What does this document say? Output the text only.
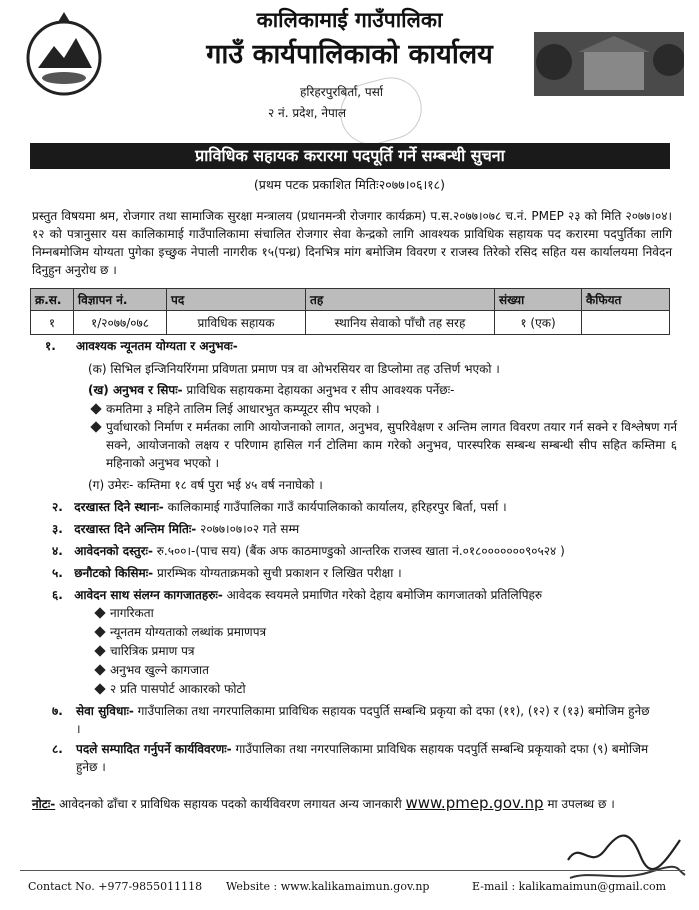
कालिकामाई गाउँपालिका
गाउँ कार्यपालिकाको कार्यालय
हरिहरपुरबिर्ता, पर्सा
२ नं. प्रदेश, नेपाल
प्राविधिक सहायक करारमा पदपूर्ति गर्ने सम्बन्धी सुचना
(प्रथम पटक प्रकाशित मितिः२०७७।०६।१८)
प्रस्तुत विषयमा श्रम, रोजगार तथा सामाजिक सुरक्षा मन्त्रालय (प्रधानमन्त्री रोजगार कार्यक्रम) प.स.२०७७।०७८ च.नं. PMEP २३ को मिति २०७७।०४।१२ को पत्रानुसार यस कालिकामाई गाउँपालिकामा संचालित रोजगार सेवा केन्द्रको लागि आवश्यक प्राविधिक सहायक पद करारमा पदपुर्तिका लागि निम्नबमोजिम योग्यता पुगेका इच्छुक नेपाली नागरीक १५(पन्ध्र) दिनभित्र मांग बमोजिम विवरण र राजस्व तिरेको रसिद सहित यस कार्यालयमा निवेदन दिनुहुन अनुरोध छ ।
क्र.स.	विज्ञापन नं.	पद	तह	संख्या	कैफियत
१	१/२०७७/०७८	प्राविधिक सहायक	स्थानिय सेवाको पाँचौ तह सरह	१ (एक)	
१. आवश्यक न्यूनतम योग्यता र अनुभवः-
(क) सिभिल इन्जिनियरिंगमा प्रविणता प्रमाण पत्र वा ओभरसियर वा डिप्लोमा तह उत्तिर्ण भएको ।
(ख) अनुभव र सिपः- प्राविधिक सहायकमा देहायका अनुभव र सीप आवश्यक पर्नेछः-
कमतिमा ३ महिने तालिम लिई आधारभुत कम्प्यूटर सीप भएको ।
पुर्वाधारको निर्माण र मर्मतका लागि आयोजनाको लागत, अनुभव, सुपरिवेक्षण र अन्तिम लागत विवरण तयार गर्न सक्ने र विश्लेषण गर्न सक्ने, आयोजनाको लक्षय र परिणाम हासिल गर्न टोलिमा काम गरेको अनुभव, पारस्परिक सम्बन्ध सम्बन्धी सीप सहित कम्तिमा ६ महिनाको अनुभव भएको ।
(ग) उमेरः- कम्तिमा १८ वर्ष पुरा भई ४५ वर्ष ननाघेको ।
२. दरखास्त दिने स्थानः- कालिकामाई गाउँपालिका गाउँ कार्यपालिकाको कार्यालय, हरिहरपुर बिर्ता, पर्सा ।
३. दरखास्त दिने अन्तिम मितिः- २०७७।०७।०२ गते सम्म
४. आवेदनको दस्तुरः- रु.५००।-(पाच सय) (बैंक अफ काठमाण्डुको आन्तरिक राजस्व खाता नं.०१८०००००००९०५२४ )
५. छनौटको किसिमः- प्रारम्भिक योग्यताक्रमको सुची प्रकाशन र लिखित परीक्षा ।
६. आवेदन साथ संलग्न कागजातहरुः- आवेदक स्वयमले प्रमाणित गरेको देहाय बमोजिम कागजातको प्रतिलिपिहरु
नागरिकता
न्यूनतम योग्यताको लब्धांक प्रमाणपत्र
चारित्रिक प्रमाण पत्र
अनुभव खुल्ने कागजात
२ प्रति पासपोर्ट आकारको फोटो
७.	सेवा सुविधाः- गाउँपालिका तथा नगरपालिकामा प्राविधिक सहायक पदपुर्ति सम्बन्धि प्रकृया को दफा (११), (१२) र (१३) बमोजिम हुनेछ ।
८.	पदले सम्पादित गर्नुपर्ने कार्यविवरणः- गाउँपालिका तथा नगरपालिकामा प्राविधिक सहायक पदपुर्ति सम्बन्धि प्रकृयाको दफा (९) बमोजिम हुनेछ ।
नोटः- आवेदनको ढाँचा र प्राविधिक सहायक पदको कार्यविवरण लगायत अन्य जानकारी www.pmep.gov.np मा उपलब्ध छ ।
Contact No. +977-9855011118 Website : www.kalikamaimun.gov.np	E-mail : kalikamaimun@gmail.com
